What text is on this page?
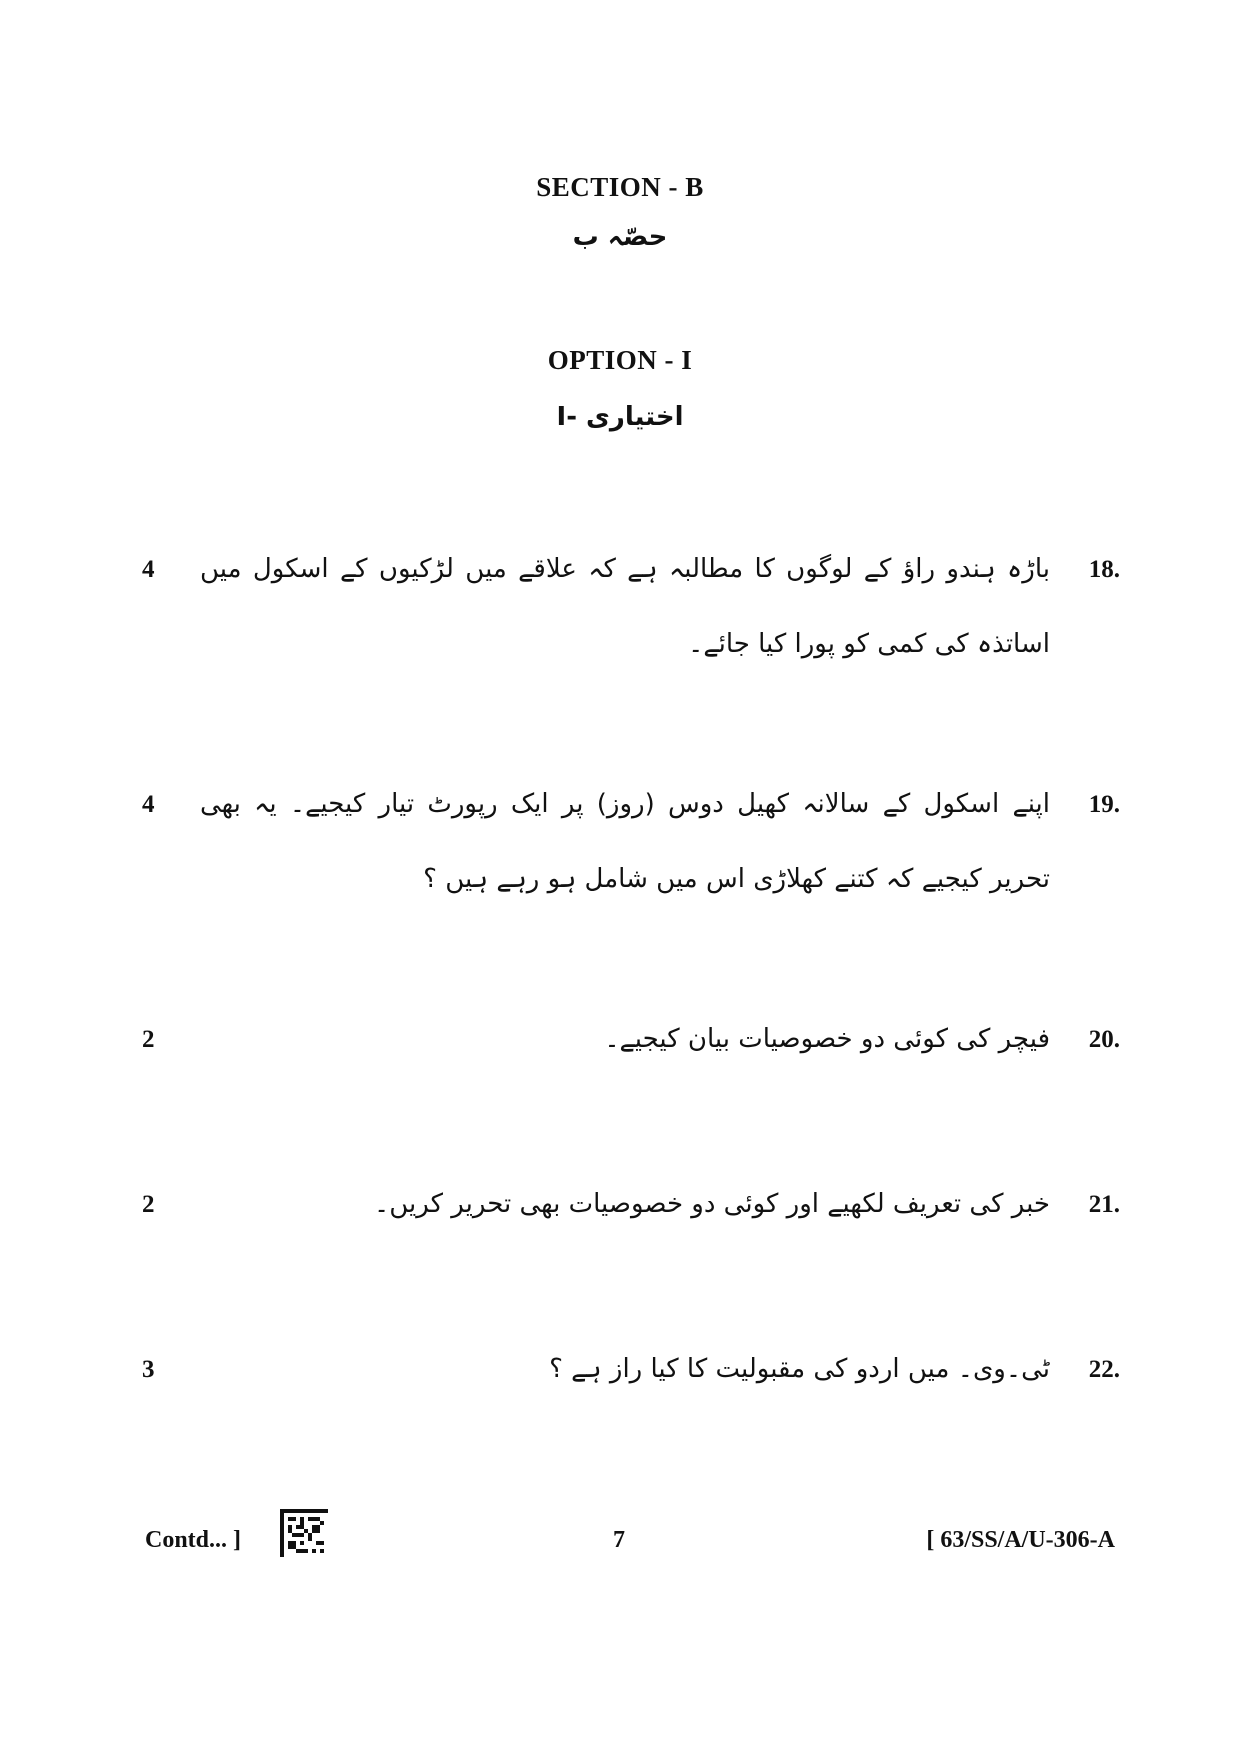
SECTION - B
حصّہ ب
OPTION - I
اختیاری -I
18.
باڑہ ہندو راؤ کے لوگوں کا مطالبہ ہے کہ علاقے میں لڑکیوں کے اسکول میں اساتذہ کی کمی کو پورا کیا جائے۔
4
19.
اپنے اسکول کے سالانہ کھیل دوس (روز) پر ایک رپورٹ تیار کیجیے۔ یہ بھی تحریر کیجیے کہ کتنے کھلاڑی اس میں شامل ہو رہے ہیں ؟
4
20.
فیچر کی کوئی دو خصوصیات بیان کیجیے۔
2
21.
خبر کی تعریف لکھیے اور کوئی دو خصوصیات بھی تحریر کریں۔
2
22.
ٹی۔وی۔ میں اردو کی مقبولیت کا کیا راز ہے ؟
3
Contd... ]	7	[ 63/SS/A/U-306-A
